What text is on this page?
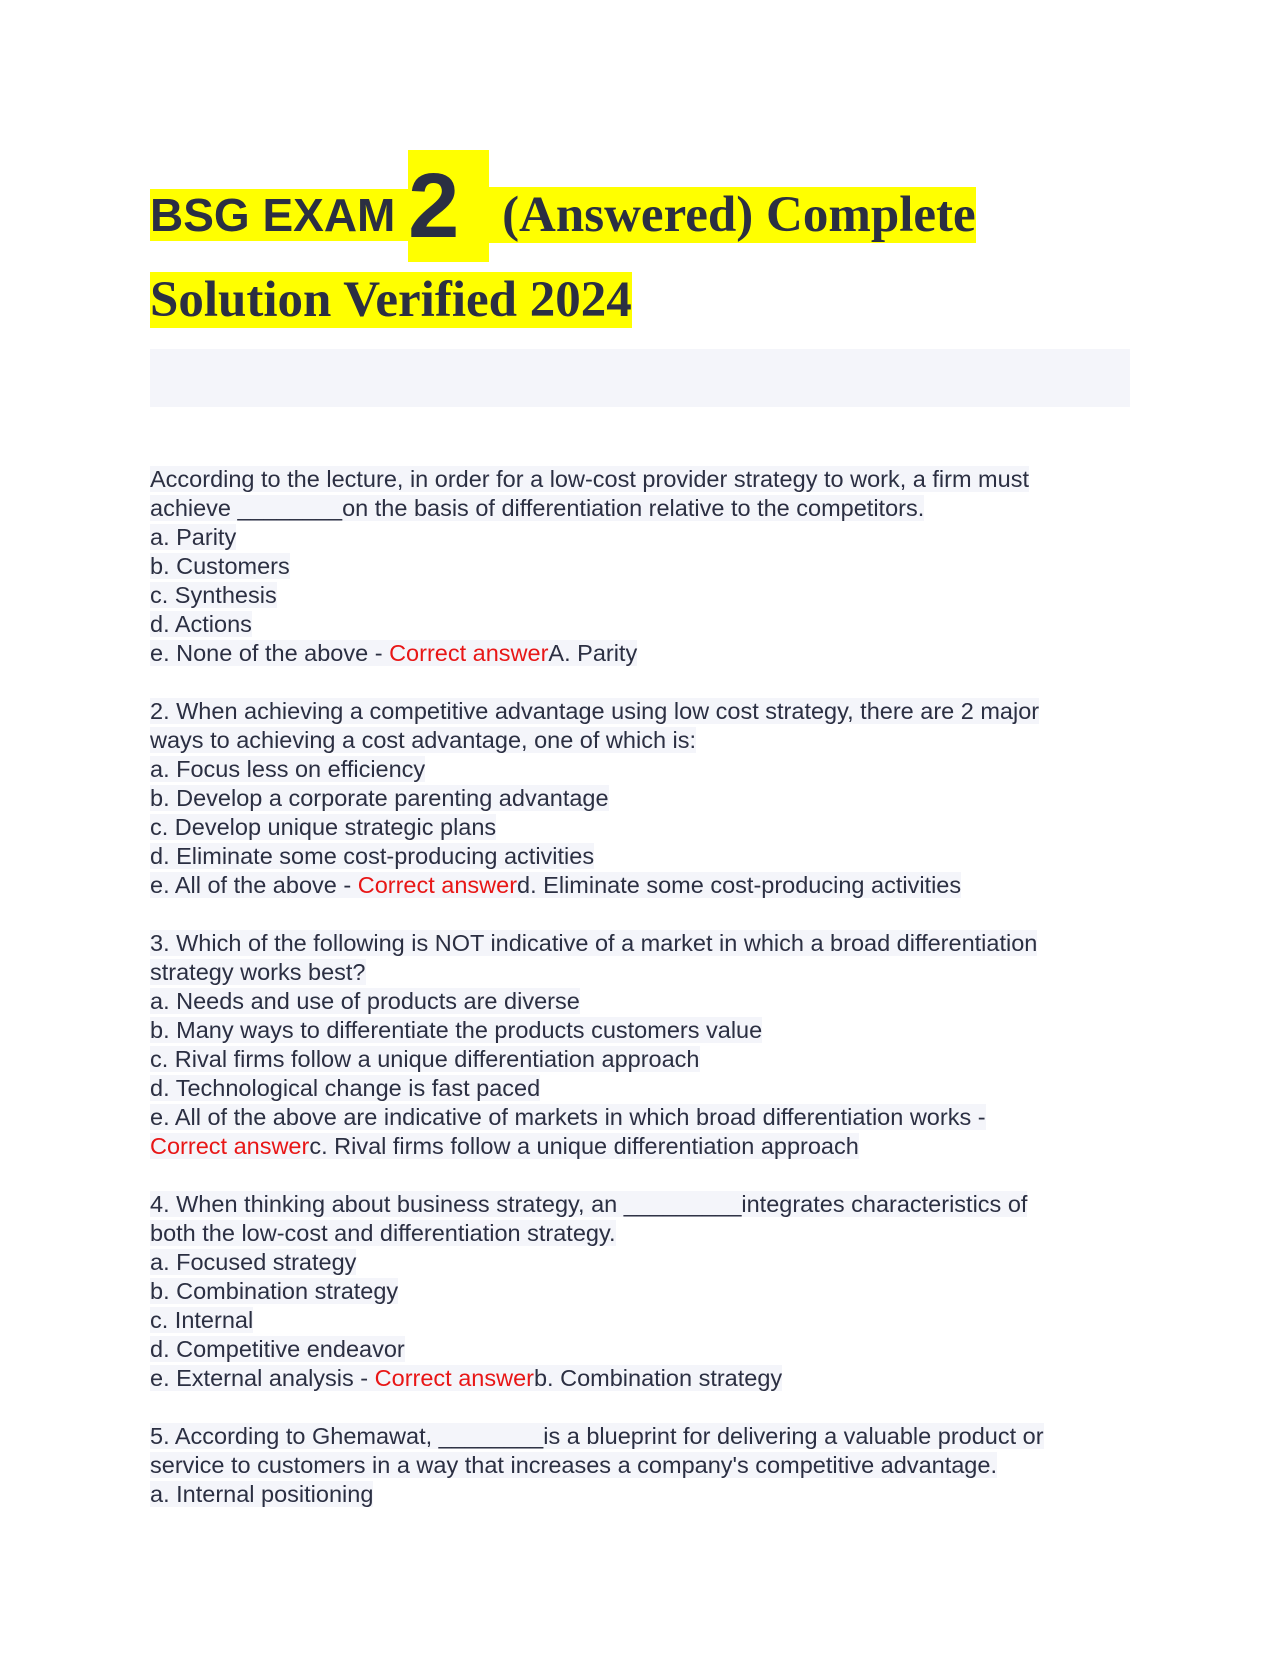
BSG EXAM 2 (Answered) Complete
Solution Verified 2024
According to the lecture, in order for a low-cost provider strategy to work, a firm must
achieve ________on the basis of differentiation relative to the competitors.
a. Parity
b. Customers
c. Synthesis
d. Actions
e. None of the above - Correct answerA. Parity
2. When achieving a competitive advantage using low cost strategy, there are 2 major
ways to achieving a cost advantage, one of which is:
a. Focus less on efficiency
b. Develop a corporate parenting advantage
c. Develop unique strategic plans
d. Eliminate some cost-producing activities
e. All of the above - Correct answerd. Eliminate some cost-producing activities
3. Which of the following is NOT indicative of a market in which a broad differentiation
strategy works best?
a. Needs and use of products are diverse
b. Many ways to differentiate the products customers value
c. Rival firms follow a unique differentiation approach
d. Technological change is fast paced
e. All of the above are indicative of markets in which broad differentiation works -
Correct answerc. Rival firms follow a unique differentiation approach
4. When thinking about business strategy, an _________integrates characteristics of
both the low-cost and differentiation strategy.
a. Focused strategy
b. Combination strategy
c. Internal
d. Competitive endeavor
e. External analysis - Correct answerb. Combination strategy
5. According to Ghemawat, ________is a blueprint for delivering a valuable product or
service to customers in a way that increases a company's competitive advantage.
a. Internal positioning
